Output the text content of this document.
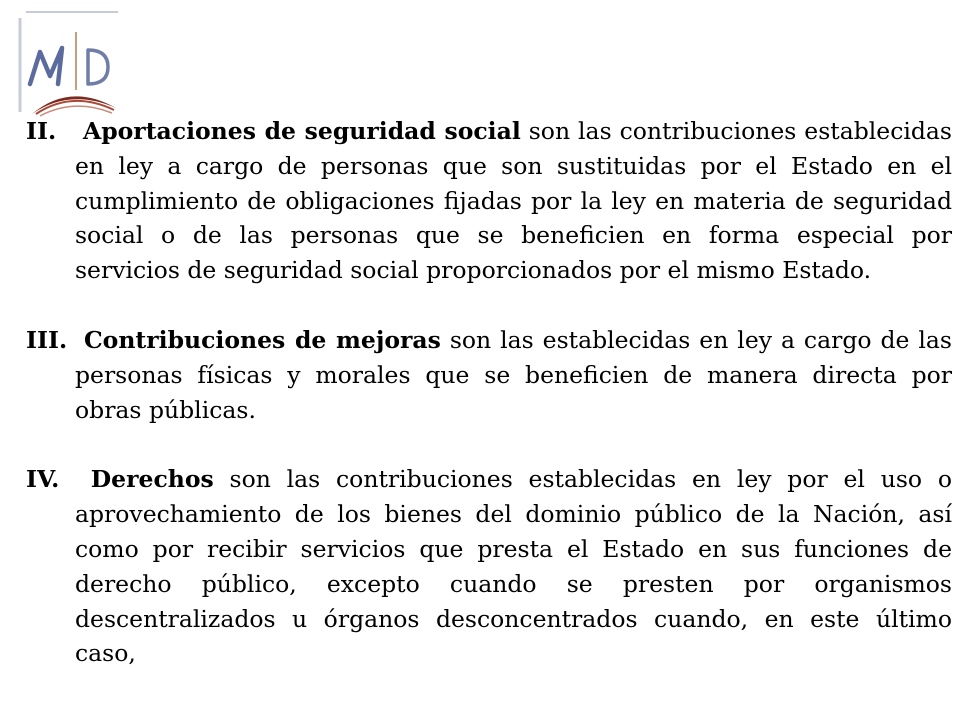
II. Aportaciones de seguridad social son las contribuciones establecidas en ley a cargo de personas que son sustituidas por el Estado en el cumplimiento de obligaciones fijadas por la ley en materia de seguridad social o de las personas que se beneficien en forma especial por servicios de seguridad social proporcionados por el mismo Estado.
III. Contribuciones de mejoras son las establecidas en ley a cargo de las personas físicas y morales que se beneficien de manera directa por obras públicas.
IV. Derechos son las contribuciones establecidas en ley por el uso o aprovechamiento de los bienes del dominio público de la Nación, así como por recibir servicios que presta el Estado en sus funciones de derecho público, excepto cuando se presten por organismos descentralizados u órganos desconcentrados cuando, en este último caso,
